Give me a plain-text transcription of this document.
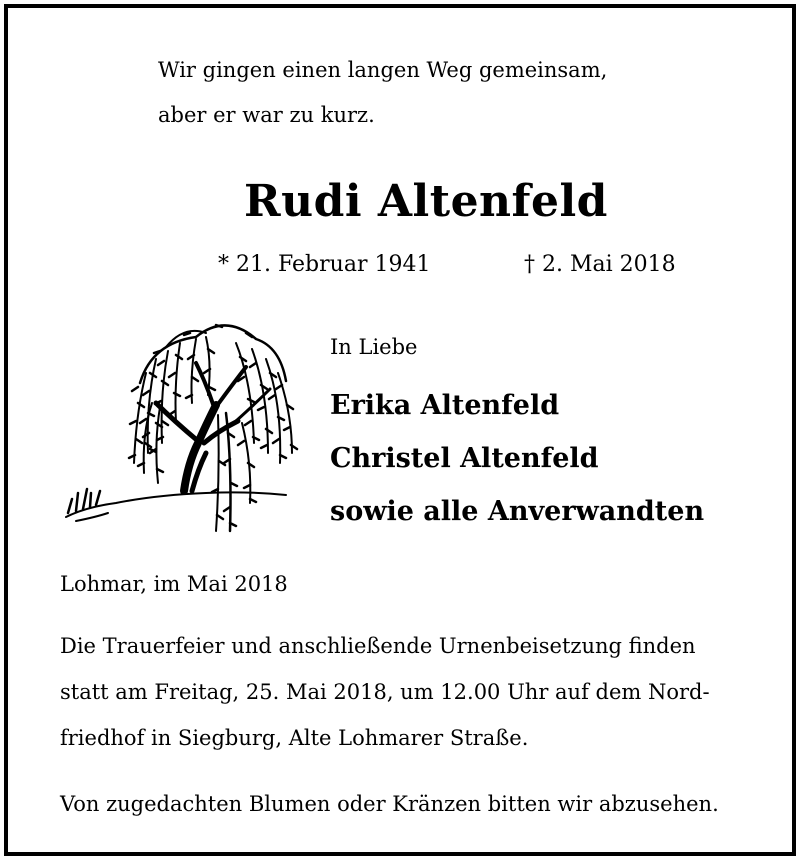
Wir gingen einen langen Weg gemeinsam,
aber er war zu kurz.
Rudi Altenfeld
* 21. Februar 1941	† 2. Mai 2018
In Liebe
Erika Altenfeld
Christel Altenfeld
sowie alle Anverwandten
Lohmar, im Mai 2018
Die Trauerfeier und anschließende Urnenbeisetzung finden
statt am Freitag, 25. Mai 2018, um 12.00 Uhr auf dem Nord-
friedhof in Siegburg, Alte Lohmarer Straße.
Von zugedachten Blumen oder Kränzen bitten wir abzusehen.
